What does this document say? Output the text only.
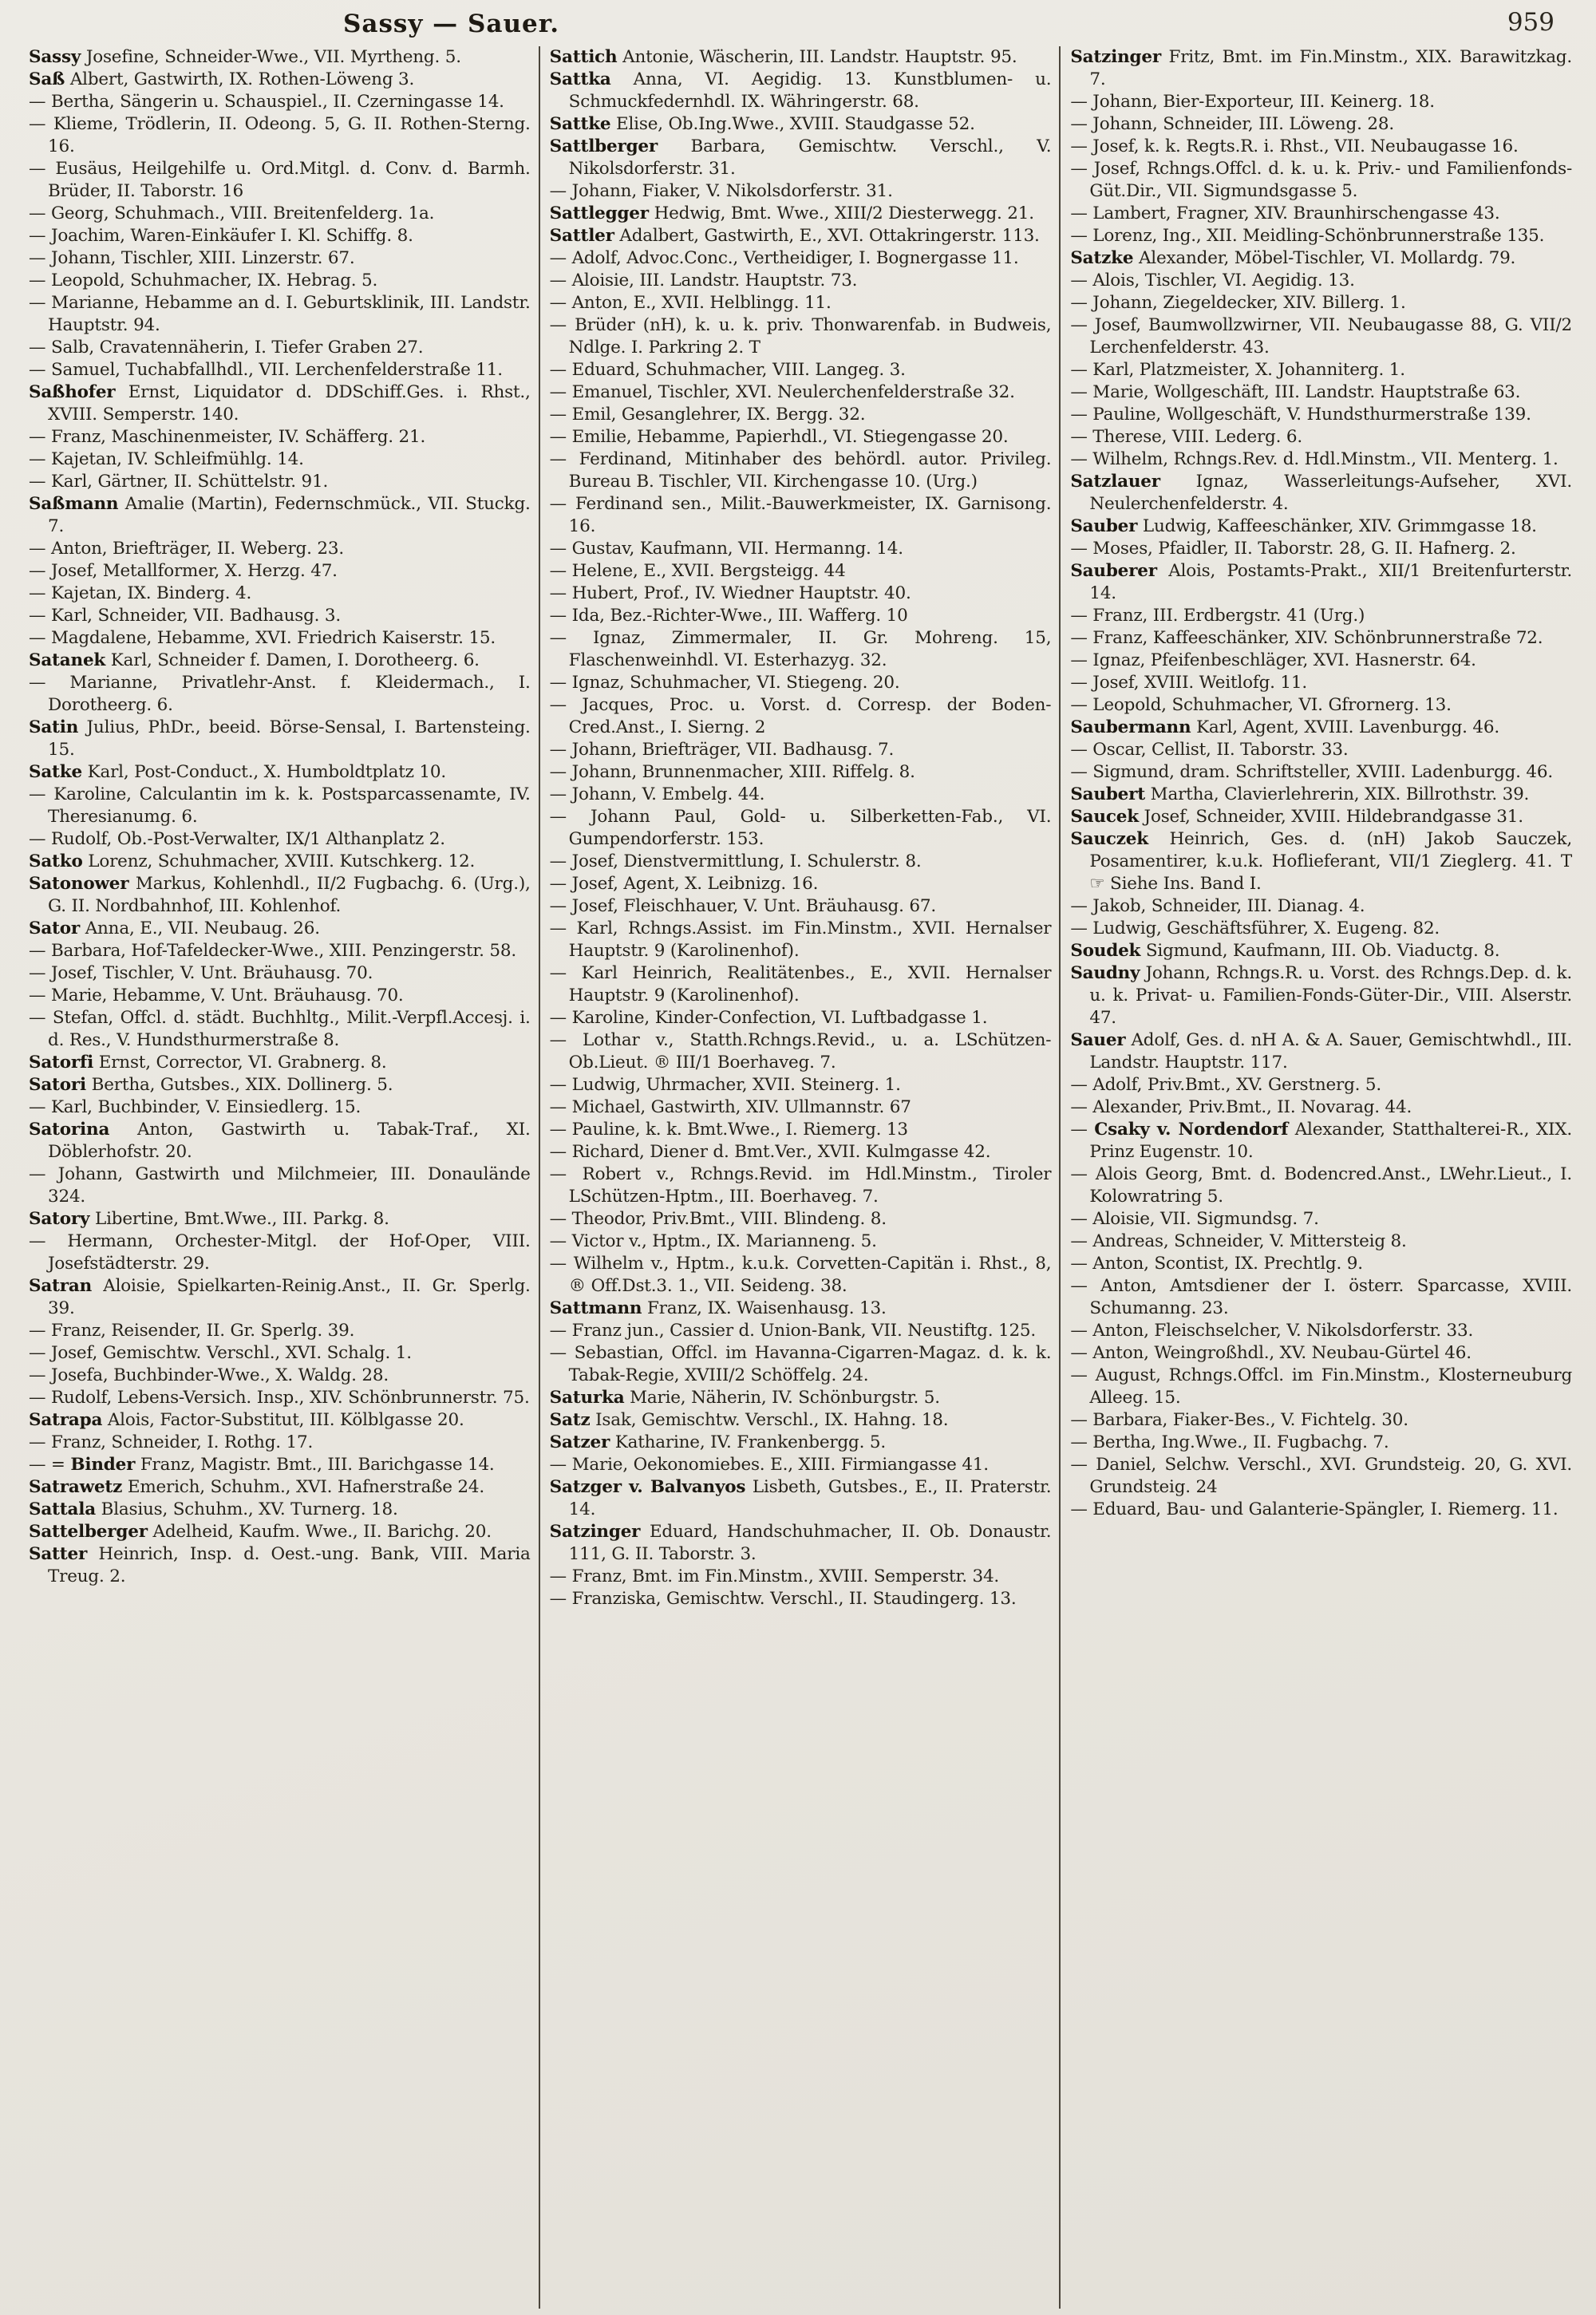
Sassy — Sauer.	959

Sassy Josefine, Schneider-Wwe., VII. Myrtheng. 5.

Saß Albert, Gastwirth, IX. Rothen-Löweng 3.

— Bertha, Sängerin u. Schauspiel., II. Czerningasse 14.

— Klieme, Trödlerin, II. Odeong. 5, G. II. Rothen-Sterng. 16.

— Eusäus, Heilgehilfe u. Ord.Mitgl. d. Conv. d. Barmh. Brüder, II. Taborstr. 16

— Georg, Schuhmach., VIII. Breitenfelderg. 1a.

— Joachim, Waren-Einkäufer I. Kl. Schiffg. 8.

— Johann, Tischler, XIII. Linzerstr. 67.

— Leopold, Schuhmacher, IX. Hebrag. 5.

— Marianne, Hebamme an d. I. Geburtsklinik, III. Landstr. Hauptstr. 94.

— Salb, Cravatennäherin, I. Tiefer Graben 27.

— Samuel, Tuchabfallhdl., VII. Lerchenfelderstraße 11.

Saßhofer Ernst, Liquidator d. DDSchiff.Ges. i. Rhst., XVIII. Semperstr. 140.

— Franz, Maschinenmeister, IV. Schäfferg. 21.

— Kajetan, IV. Schleifmühlg. 14.

— Karl, Gärtner, II. Schüttelstr. 91.

Saßmann Amalie (Martin), Federnschmück., VII. Stuckg. 7.

— Anton, Briefträger, II. Weberg. 23.

— Josef, Metallformer, X. Herzg. 47.

— Kajetan, IX. Binderg. 4.

— Karl, Schneider, VII. Badhausg. 3.

— Magdalene, Hebamme, XVI. Friedrich Kaiserstr. 15.

Satanek Karl, Schneider f. Damen, I. Dorotheerg. 6.

— Marianne, Privatlehr-Anst. f. Kleidermach., I. Dorotheerg. 6.

Satin Julius, PhDr., beeid. Börse-Sensal, I. Bartensteing. 15.

Satke Karl, Post-Conduct., X. Humboldtplatz 10.

— Karoline, Calculantin im k. k. Postsparcassenamte, IV. Theresianumg. 6.

— Rudolf, Ob.-Post-Verwalter, IX/1 Althanplatz 2.

Satko Lorenz, Schuhmacher, XVIII. Kutschkerg. 12.

Satonower Markus, Kohlenhdl., II/2 Fugbachg. 6. (Urg.), G. II. Nordbahnhof, III. Kohlenhof.

Sator Anna, E., VII. Neubaug. 26.

— Barbara, Hof-Tafeldecker-Wwe., XIII. Penzingerstr. 58.

— Josef, Tischler, V. Unt. Bräuhausg. 70.

— Marie, Hebamme, V. Unt. Bräuhausg. 70.

— Stefan, Offcl. d. städt. Buchhltg., Milit.-Verpfl.Accesj. i. d. Res., V. Hundsthurmerstraße 8.

Satorfi Ernst, Corrector, VI. Grabnerg. 8.

Satori Bertha, Gutsbes., XIX. Dollinerg. 5.

— Karl, Buchbinder, V. Einsiedlerg. 15.

Satorina Anton, Gastwirth u. Tabak-Traf., XI. Döblerhofstr. 20.

— Johann, Gastwirth und Milchmeier, III. Donaulände 324.

Satory Libertine, Bmt.Wwe., III. Parkg. 8.

— Hermann, Orchester-Mitgl. der Hof-Oper, VIII. Josefstädterstr. 29.

Satran Aloisie, Spielkarten-Reinig.Anst., II. Gr. Sperlg. 39.

— Franz, Reisender, II. Gr. Sperlg. 39.

— Josef, Gemischtw. Verschl., XVI. Schalg. 1.

— Josefa, Buchbinder-Wwe., X. Waldg. 28.

— Rudolf, Lebens-Versich. Insp., XIV. Schönbrunnerstr. 75.

Satrapa Alois, Factor-Substitut, III. Kölblgasse 20.

— Franz, Schneider, I. Rothg. 17.

— = Binder Franz, Magistr. Bmt., III. Barichgasse 14.

Satrawetz Emerich, Schuhm., XVI. Hafnerstraße 24.

Sattala Blasius, Schuhm., XV. Turnerg. 18.

Sattelberger Adelheid, Kaufm. Wwe., II. Barichg. 20.

Satter Heinrich, Insp. d. Oest.-ung. Bank, VIII. Maria Treug. 2.

Sattich Antonie, Wäscherin, III. Landstr. Hauptstr. 95.

Sattka Anna, VI. Aegidig. 13. Kunstblumen- u. Schmuckfedernhdl. IX. Währingerstr. 68.

Sattke Elise, Ob.Ing.Wwe., XVIII. Staudgasse 52.

Sattlberger Barbara, Gemischtw. Verschl., V. Nikolsdorferstr. 31.

— Johann, Fiaker, V. Nikolsdorferstr. 31.

Sattlegger Hedwig, Bmt. Wwe., XIII/2 Diesterwegg. 21.

Sattler Adalbert, Gastwirth, E., XVI. Ottakringerstr. 113.

— Adolf, Advoc.Conc., Vertheidiger, I. Bognergasse 11.

— Aloisie, III. Landstr. Hauptstr. 73.

— Anton, E., XVII. Helblingg. 11.

— Brüder (nH), k. u. k. priv. Thonwarenfab. in Budweis, Ndlge. I. Parkring 2. T

— Eduard, Schuhmacher, VIII. Langeg. 3.

— Emanuel, Tischler, XVI. Neulerchenfelderstraße 32.

— Emil, Gesanglehrer, IX. Bergg. 32.

— Emilie, Hebamme, Papierhdl., VI. Stiegengasse 20.

— Ferdinand, Mitinhaber des behördl. autor. Privileg. Bureau B. Tischler, VII. Kirchengasse 10. (Urg.)

— Ferdinand sen., Milit.-Bauwerkmeister, IX. Garnisong. 16.

— Gustav, Kaufmann, VII. Hermanng. 14.

— Helene, E., XVII. Bergsteigg. 44

— Hubert, Prof., IV. Wiedner Hauptstr. 40.

— Ida, Bez.-Richter-Wwe., III. Wafferg. 10

— Ignaz, Zimmermaler, II. Gr. Mohreng. 15, Flaschenweinhdl. VI. Esterhazyg. 32.

— Ignaz, Schuhmacher, VI. Stiegeng. 20.

— Jacques, Proc. u. Vorst. d. Corresp. der Boden-Cred.Anst., I. Sierng. 2

— Johann, Briefträger, VII. Badhausg. 7.

— Johann, Brunnenmacher, XIII. Riffelg. 8.

— Johann, V. Embelg. 44.

— Johann Paul, Gold- u. Silberketten-Fab., VI. Gumpendorferstr. 153.

— Josef, Dienstvermittlung, I. Schulerstr. 8.

— Josef, Agent, X. Leibnizg. 16.

— Josef, Fleischhauer, V. Unt. Bräuhausg. 67.

— Karl, Rchngs.Assist. im Fin.Minstm., XVII. Hernalser Hauptstr. 9 (Karolinenhof).

— Karl Heinrich, Realitätenbes., E., XVII. Hernalser Hauptstr. 9 (Karolinenhof).

— Karoline, Kinder-Confection, VI. Luftbadgasse 1.

— Lothar v., Statth.Rchngs.Revid., u. a. LSchützen-Ob.Lieut. ® III/1 Boerhaveg. 7.

— Ludwig, Uhrmacher, XVII. Steinerg. 1.

— Michael, Gastwirth, XIV. Ullmannstr. 67

— Pauline, k. k. Bmt.Wwe., I. Riemerg. 13

— Richard, Diener d. Bmt.Ver., XVII. Kulmgasse 42.

— Robert v., Rchngs.Revid. im Hdl.Minstm., Tiroler LSchützen-Hptm., III. Boerhaveg. 7.

— Theodor, Priv.Bmt., VIII. Blindeng. 8.

— Victor v., Hptm., IX. Marianneng. 5.

— Wilhelm v., Hptm., k.u.k. Corvetten-Capitän i. Rhst., 8, ® Off.Dst.3. 1., VII. Seideng. 38.

Sattmann Franz, IX. Waisenhausg. 13.

— Franz jun., Cassier d. Union-Bank, VII. Neustiftg. 125.

— Sebastian, Offcl. im Havanna-Cigarren-Magaz. d. k. k. Tabak-Regie, XVIII/2 Schöffelg. 24.

Saturka Marie, Näherin, IV. Schönburgstr. 5.

Satz Isak, Gemischtw. Verschl., IX. Hahng. 18.

Satzer Katharine, IV. Frankenbergg. 5.

— Marie, Oekonomiebes. E., XIII. Firmiangasse 41.

Satzger v. Balvanyos Lisbeth, Gutsbes., E., II. Praterstr. 14.

Satzinger Eduard, Handschuhmacher, II. Ob. Donaustr. 111, G. II. Taborstr. 3.

— Franz, Bmt. im Fin.Minstm., XVIII. Semperstr. 34.

— Franziska, Gemischtw. Verschl., II. Staudingerg. 13.

Satzinger Fritz, Bmt. im Fin.Minstm., XIX. Barawitzkag. 7.

— Johann, Bier-Exporteur, III. Keinerg. 18.

— Johann, Schneider, III. Löweng. 28.

— Josef, k. k. Regts.R. i. Rhst., VII. Neubaugasse 16.

— Josef, Rchngs.Offcl. d. k. u. k. Priv.- und Familienfonds-Güt.Dir., VII. Sigmundsgasse 5.

— Lambert, Fragner, XIV. Braunhirschengasse 43.

— Lorenz, Ing., XII. Meidling-Schönbrunnerstraße 135.

Satzke Alexander, Möbel-Tischler, VI. Mollardg. 79.

— Alois, Tischler, VI. Aegidig. 13.

— Johann, Ziegeldecker, XIV. Billerg. 1.

— Josef, Baumwollzwirner, VII. Neubaugasse 88, G. VII/2 Lerchenfelderstr. 43.

— Karl, Platzmeister, X. Johanniterg. 1.

— Marie, Wollgeschäft, III. Landstr. Hauptstraße 63.

— Pauline, Wollgeschäft, V. Hundsthurmerstraße 139.

— Therese, VIII. Lederg. 6.

— Wilhelm, Rchngs.Rev. d. Hdl.Minstm., VII. Menterg. 1.

Satzlauer Ignaz, Wasserleitungs-Aufseher, XVI. Neulerchenfelderstr. 4.

Sauber Ludwig, Kaffeeschänker, XIV. Grimmgasse 18.

— Moses, Pfaidler, II. Taborstr. 28, G. II. Hafnerg. 2.

Sauberer Alois, Postamts-Prakt., XII/1 Breitenfurterstr. 14.

— Franz, III. Erdbergstr. 41 (Urg.)

— Franz, Kaffeeschänker, XIV. Schönbrunnerstraße 72.

— Ignaz, Pfeifenbeschläger, XVI. Hasnerstr. 64.

— Josef, XVIII. Weitlofg. 11.

— Leopold, Schuhmacher, VI. Gfrornerg. 13.

Saubermann Karl, Agent, XVIII. Lavenburgg. 46.

— Oscar, Cellist, II. Taborstr. 33.

— Sigmund, dram. Schriftsteller, XVIII. Ladenburgg. 46.

Saubert Martha, Clavierlehrerin, XIX. Billrothstr. 39.

Saucek Josef, Schneider, XVIII. Hildebrandgasse 31.

Sauczek Heinrich, Ges. d. (nH) Jakob Sauczek, Posamentirer, k.u.k. Hoflieferant, VII/1 Zieglerg. 41. T ☞ Siehe Ins. Band I.

— Jakob, Schneider, III. Dianag. 4.

— Ludwig, Geschäftsführer, X. Eugeng. 82.

Soudek Sigmund, Kaufmann, III. Ob. Viaductg. 8.

Saudny Johann, Rchngs.R. u. Vorst. des Rchngs.Dep. d. k. u. k. Privat- u. Familien-Fonds-Güter-Dir., VIII. Alserstr. 47.

Sauer Adolf, Ges. d. nH A. & A. Sauer, Gemischtwhdl., III. Landstr. Hauptstr. 117.

— Adolf, Priv.Bmt., XV. Gerstnerg. 5.

— Alexander, Priv.Bmt., II. Novarag. 44.

— Csaky v. Nordendorf Alexander, Statthalterei-R., XIX. Prinz Eugenstr. 10.

— Alois Georg, Bmt. d. Bodencred.Anst., LWehr.Lieut., I. Kolowratring 5.

— Aloisie, VII. Sigmundsg. 7.

— Andreas, Schneider, V. Mittersteig 8.

— Anton, Scontist, IX. Prechtlg. 9.

— Anton, Amtsdiener der I. österr. Sparcasse, XVIII. Schumanng. 23.

— Anton, Fleischselcher, V. Nikolsdorferstr. 33.

— Anton, Weingroßhdl., XV. Neubau-Gürtel 46.

— August, Rchngs.Offcl. im Fin.Minstm., Klosterneuburg Alleeg. 15.

— Barbara, Fiaker-Bes., V. Fichtelg. 30.

— Bertha, Ing.Wwe., II. Fugbachg. 7.

— Daniel, Selchw. Verschl., XVI. Grundsteig. 20, G. XVI. Grundsteig. 24

— Eduard, Bau- und Galanterie-Spängler, I. Riemerg. 11.
